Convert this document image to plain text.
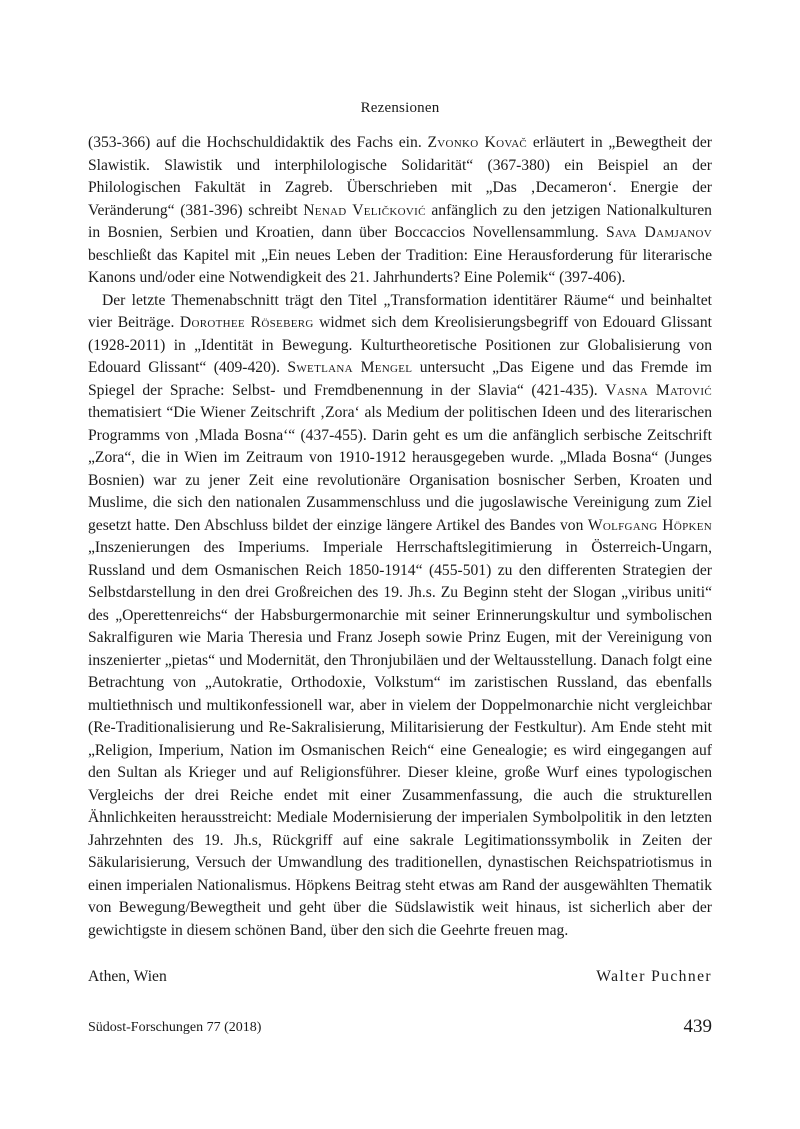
Rezensionen

(353-366) auf die Hochschuldidaktik des Fachs ein. Zvonko Kovač erläutert in „Bewegtheit der Slawistik. Slawistik und interphilologische Solidarität“ (367-380) ein Beispiel an der Philologischen Fakultät in Zagreb. Überschrieben mit „Das ‚Decameron‘. Energie der Veränderung“ (381-396) schreibt Nenad Veličković anfänglich zu den jetzigen Nationalkulturen in Bosnien, Serbien und Kroatien, dann über Boccaccios Novellensammlung. Sava Damjanov beschließt das Kapitel mit „Ein neues Leben der Tradition: Eine Herausforderung für literarische Kanons und/oder eine Notwendigkeit des 21. Jahrhunderts? Eine Polemik“ (397-406).

Der letzte Themenabschnitt trägt den Titel „Transformation identitärer Räume“ und beinhaltet vier Beiträge. Dorothee Röseberg widmet sich dem Kreolisierungsbegriff von Edouard Glissant (1928-2011) in „Identität in Bewegung. Kulturtheoretische Positionen zur Globalisierung von Edouard Glissant“ (409-420). Swetlana Mengel untersucht „Das Eigene und das Fremde im Spiegel der Sprache: Selbst- und Fremdbenennung in der Slavia“ (421-435). Vasna Matović thematisiert “Die Wiener Zeitschrift ‚Zora‘ als Medium der politischen Ideen und des literarischen Programms von ‚Mlada Bosna‘“ (437-455). Darin geht es um die anfänglich serbische Zeitschrift „Zora“, die in Wien im Zeitraum von 1910-1912 herausgegeben wurde. „Mlada Bosna“ (Junges Bosnien) war zu jener Zeit eine revolutionäre Organisation bosnischer Serben, Kroaten und Muslime, die sich den nationalen Zusammenschluss und die jugoslawische Vereinigung zum Ziel gesetzt hatte. Den Abschluss bildet der einzige längere Artikel des Bandes von Wolfgang Höpken „Inszenierungen des Imperiums. Imperiale Herrschaftslegitimierung in Österreich-Ungarn, Russland und dem Osmanischen Reich 1850-1914“ (455-501) zu den differenten Strategien der Selbstdarstellung in den drei Großreichen des 19. Jh.s. Zu Beginn steht der Slogan „viribus uniti“ des „Operettenreichs“ der Habsburgermonarchie mit seiner Erinnerungskultur und symbolischen Sakralfiguren wie Maria Theresia und Franz Joseph sowie Prinz Eugen, mit der Vereinigung von inszenierter „pietas“ und Modernität, den Thronjubiläen und der Weltausstellung. Danach folgt eine Betrachtung von „Autokratie, Orthodoxie, Volkstum“ im zaristischen Russland, das ebenfalls multiethnisch und multikonfessionell war, aber in vielem der Doppelmonarchie nicht vergleichbar (Re-Traditionalisierung und Re-Sakralisierung, Militarisierung der Festkultur). Am Ende steht mit „Religion, Imperium, Nation im Osmanischen Reich“ eine Genealogie; es wird eingegangen auf den Sultan als Krieger und auf Religionsführer. Dieser kleine, große Wurf eines typologischen Vergleichs der drei Reiche endet mit einer Zusammenfassung, die auch die strukturellen Ähnlichkeiten herausstreicht: Mediale Modernisierung der imperialen Symbolpolitik in den letzten Jahrzehnten des 19. Jh.s, Rückgriff auf eine sakrale Legitimationssymbolik in Zeiten der Säkularisierung, Versuch der Umwandlung des traditionellen, dynastischen Reichspatriotismus in einen imperialen Nationalismus. Höpkens Beitrag steht etwas am Rand der ausgewählten Thematik von Bewegung/Bewegtheit und geht über die Südslawistik weit hinaus, ist sicherlich aber der gewichtigste in diesem schönen Band, über den sich die Geehrte freuen mag.

Athen, Wien	Walter Puchner
Südost-Forschungen 77 (2018)	439
